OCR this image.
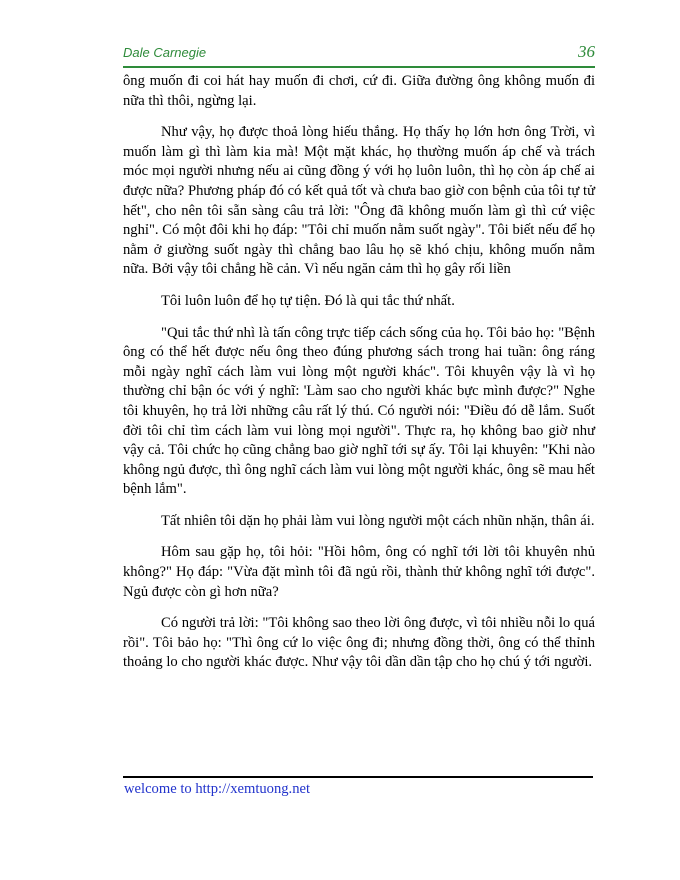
Dale Carnegie	36

ông muốn đi coi hát hay muốn đi chơi, cứ đi. Giữa đường ông không muốn đi nữa thì thôi, ngừng lại.

Như vậy, họ được thoả lòng hiếu thắng. Họ thấy họ lớn hơn ông Trời, vì muốn làm gì thì làm kia mà! Một mặt khác, họ thường muốn áp chế và trách móc mọi người nhưng nếu ai cũng đồng ý với họ luôn luôn, thì họ còn áp chế ai được nữa? Phương pháp đó có kết quả tốt và chưa bao giờ con bệnh của tôi tự tử hết", cho nên tôi sẵn sàng câu trả lời: "Ông đã không muốn làm gì thì cứ việc nghỉ". Có một đôi khi họ đáp: "Tôi chỉ muốn nằm suốt ngày". Tôi biết nếu để họ nằm ở giường suốt ngày thì chẳng bao lâu họ sẽ khó chịu, không muốn nằm nữa. Bởi vậy tôi chẳng hề cản. Vì nếu ngăn cảm thì họ gây rối liền

Tôi luôn luôn để họ tự tiện. Đó là qui tắc thứ nhất.

"Qui tắc thứ nhì là tấn công trực tiếp cách sống của họ. Tôi bảo họ: "Bệnh ông có thể hết được nếu ông theo đúng phương sách trong hai tuần: ông ráng mỗi ngày nghĩ cách làm vui lòng một người khác". Tôi khuyên vậy là vì họ thường chỉ bận óc với ý nghĩ: 'Làm sao cho người khác bực mình được?" Nghe tôi khuyên, họ trả lời những câu rất lý thú. Có người nói: "Điều đó dễ lắm. Suốt đời tôi chỉ tìm cách làm vui lòng mọi người". Thực ra, họ không bao giờ như vậy cả. Tôi chức họ cũng chẳng bao giờ nghĩ tới sự ấy. Tôi lại khuyên: "Khi nào không ngủ được, thì ông nghĩ cách làm vui lòng một người khác, ông sẽ mau hết bệnh lắm".

Tất nhiên tôi dặn họ phải làm vui lòng người một cách nhũn nhặn, thân ái.

Hôm sau gặp họ, tôi hỏi: "Hồi hôm, ông có nghĩ tới lời tôi khuyên nhủ không?" Họ đáp: "Vừa đặt mình tôi đã ngủ rồi, thành thử không nghĩ tới được". Ngủ được còn gì hơn nữa?

Có người trả lời: "Tôi không sao theo lời ông được, vì tôi nhiều nỗi lo quá rồi". Tôi bảo họ: "Thì ông cứ lo việc ông đi; nhưng đồng thời, ông có thể thỉnh thoảng lo cho người khác được. Như vậy tôi dần dần tập cho họ chú ý tới người.

welcome to http://xemtuong.net
